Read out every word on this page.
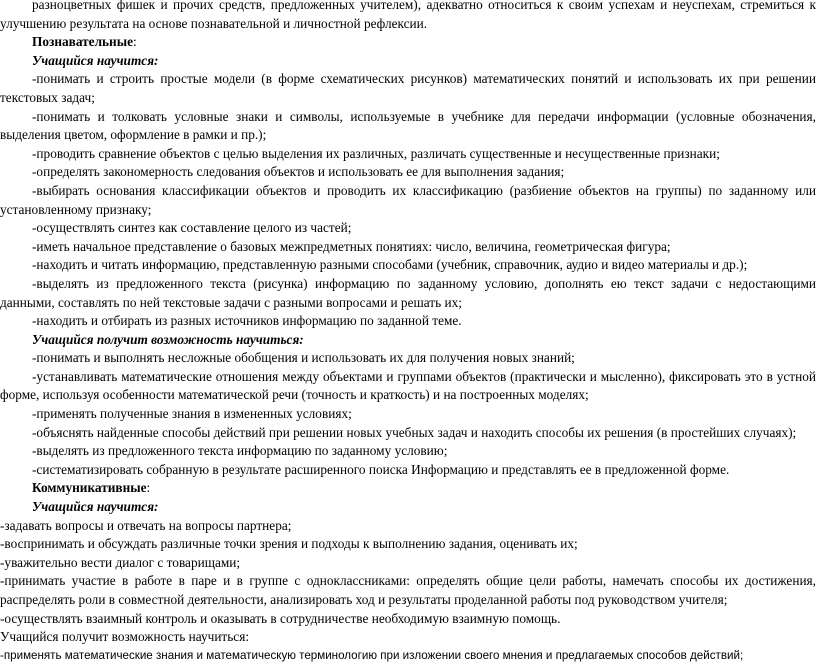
разноцветных фишек и прочих средств, предложенных учителем), адекватно относиться к своим успехам и неуспехам, стремиться к улучшению результата на основе познавательной и личностной рефлексии.

Познавательные:

Учащийся научится:

-понимать и строить простые модели (в форме схематических рисунков) математических понятий и использовать их при решении текстовых задач;

-понимать и толковать условные знаки и символы, используемые в учебнике для передачи информации (условные обозначения, выделения цветом, оформление в рамки и пр.);

-проводить сравнение объектов с целью выделения их различных, различать существенные и несущественные признаки;

-определять закономерность следования объектов и использовать ее для выполнения задания;

-выбирать основания классификации объектов и проводить их классификацию (разбиение объектов на группы) по заданному или установленному признаку;

-осуществлять синтез как составление целого из частей;

-иметь начальное представление о базовых межпредметных понятиях: число, величина, геометрическая фигура;

-находить и читать информацию, представленную разными способами (учебник, справочник, аудио и видео материалы и др.);

-выделять из предложенного текста (рисунка) информацию по заданному условию, дополнять ею текст задачи с недостающими данными, составлять по ней текстовые задачи с разными вопросами и решать их;

-находить и отбирать из разных источников информацию по заданной теме.

Учащийся получит возможность научиться:

-понимать и выполнять несложные обобщения и использовать их для получения новых знаний;

-устанавливать математические отношения между объектами и группами объектов (практически и мысленно), фиксировать это в устной форме, используя особенности математической речи (точность и краткость) и на построенных моделях;

-применять полученные знания в измененных условиях;

-объяснять найденные способы действий при решении новых учебных задач и находить способы их решения (в простейших случаях);

-выделять из предложенного текста информацию по заданному условию;

-систематизировать собранную в результате расширенного поиска Информацию и представлять ее в предложенной форме.

Коммуникативные:

Учащийся научится:

-задавать вопросы и отвечать на вопросы партнера;

-воспринимать и обсуждать различные точки зрения и подходы к выполнению задания, оценивать их;

-уважительно вести диалог с товарищами;

-принимать участие в работе в паре и в группе с одноклассниками: определять общие цели работы, намечать способы их достижения, распределять роли в совместной деятельности, анализировать ход и результаты проделанной работы под руководством учителя;

-осуществлять взаимный контроль и оказывать в сотрудничестве необходимую взаимную помощь.

Учащийся получит возможность научиться:

-применять математические знания и математическую терминологию при изложении своего мнения и предлагаемых способов действий;
